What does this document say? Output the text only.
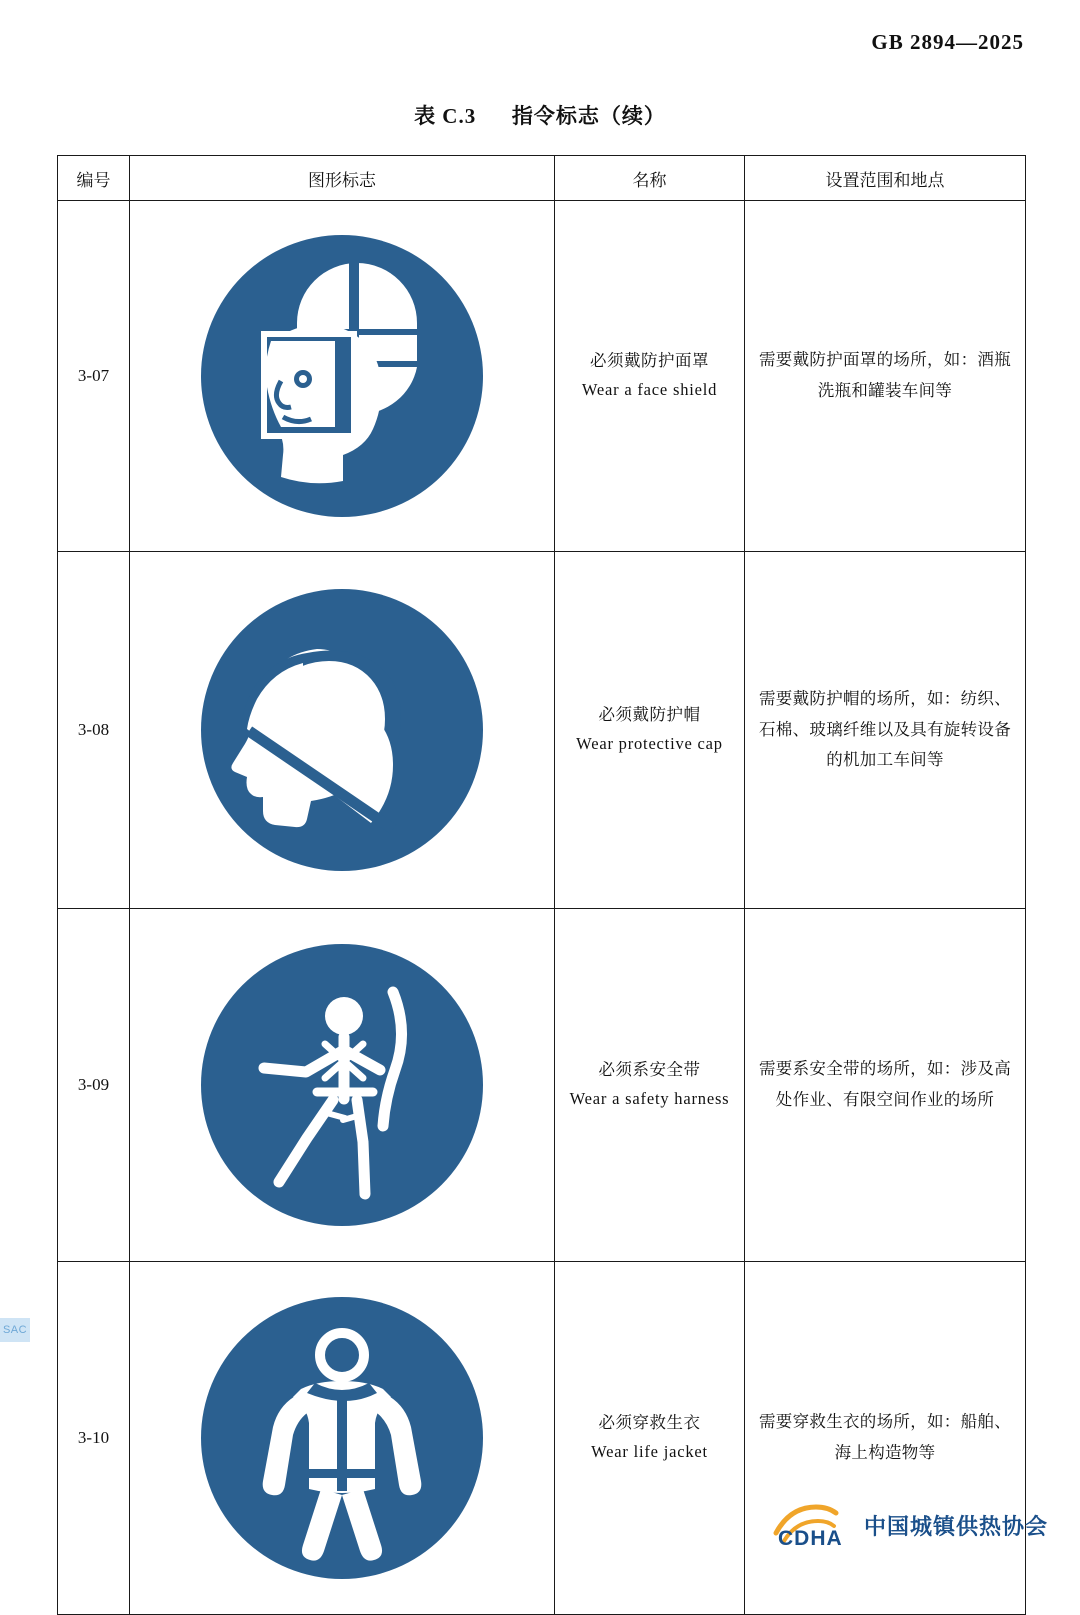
GB 2894—2025
表 C.3 指令标志（续）
编号	图形标志	名称	设置范围和地点
3-07		必须戴防护面罩
Wear a face shield	需要戴防护面罩的场所，如：酒瓶洗瓶和罐装车间等
3-08		必须戴防护帽
Wear protective cap	需要戴防护帽的场所，如：纺织、石棉、玻璃纤维以及具有旋转设备的机加工车间等
3-09		必须系安全带
Wear a safety harness	需要系安全带的场所，如：涉及高处作业、有限空间作业的场所
3-10		必须穿救生衣
Wear life jacket	需要穿救生衣的场所，如：船舶、海上构造物等
SAC
CDHA 中国城镇供热协会
